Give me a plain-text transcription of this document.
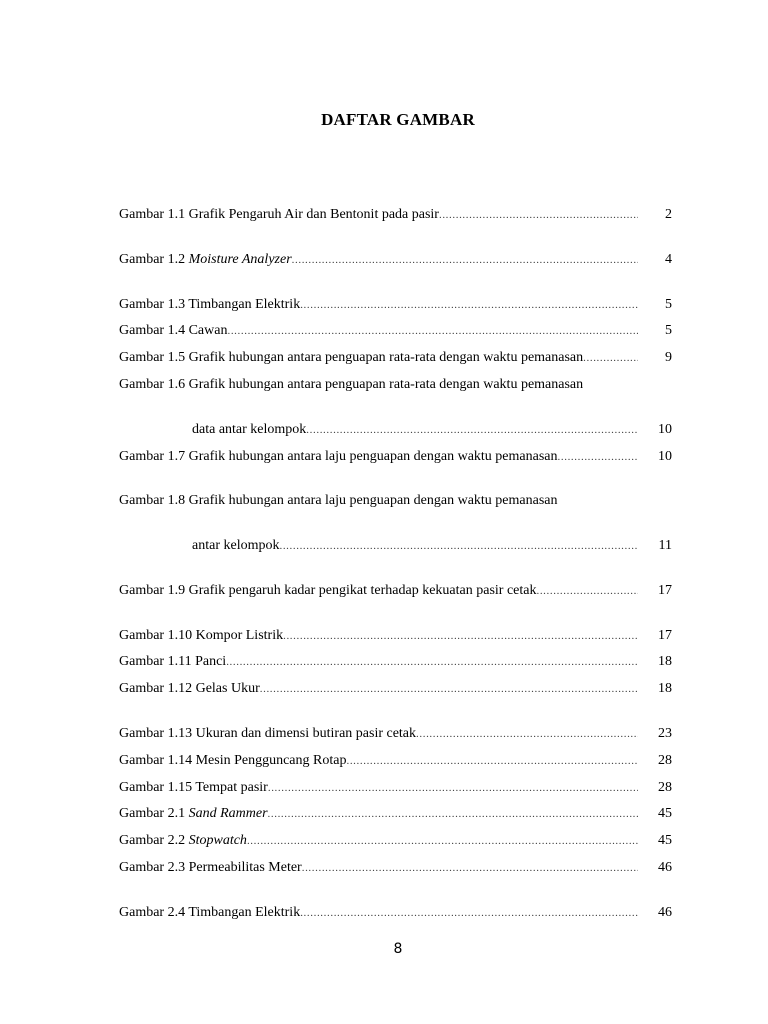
DAFTAR GAMBAR
Gambar 1.1 Grafik Pengaruh Air dan Bentonit pada pasir .....	2
Gambar 1.2 Moisture Analyzer .....	4
Gambar 1.3 Timbangan Elektrik .....	5
Gambar 1.4 Cawan .....	5
Gambar 1.5 Grafik hubungan antara penguapan rata-rata dengan waktu pemanasan .....	9
Gambar 1.6 Grafik hubungan antara penguapan rata-rata dengan waktu pemanasan
data antar kelompok .....	10
Gambar 1.7 Grafik hubungan antara laju penguapan dengan waktu pemanasan .....	10
Gambar 1.8 Grafik hubungan antara laju penguapan dengan waktu pemanasan
antar kelompok .....	11
Gambar 1.9 Grafik pengaruh kadar pengikat terhadap kekuatan pasir cetak .....	17
Gambar 1.10 Kompor Listrik .....	17
Gambar 1.11 Panci .....	18
Gambar 1.12 Gelas Ukur .....	18
Gambar 1.13 Ukuran dan dimensi butiran pasir cetak .....	23
Gambar 1.14 Mesin Pengguncang Rotap .....	28
Gambar 1.15 Tempat pasir .....	28
Gambar 2.1 Sand Rammer .....	45
Gambar 2.2 Stopwatch .....	45
Gambar 2.3 Permeabilitas Meter .....	46
Gambar 2.4 Timbangan Elektrik .....	46
8
